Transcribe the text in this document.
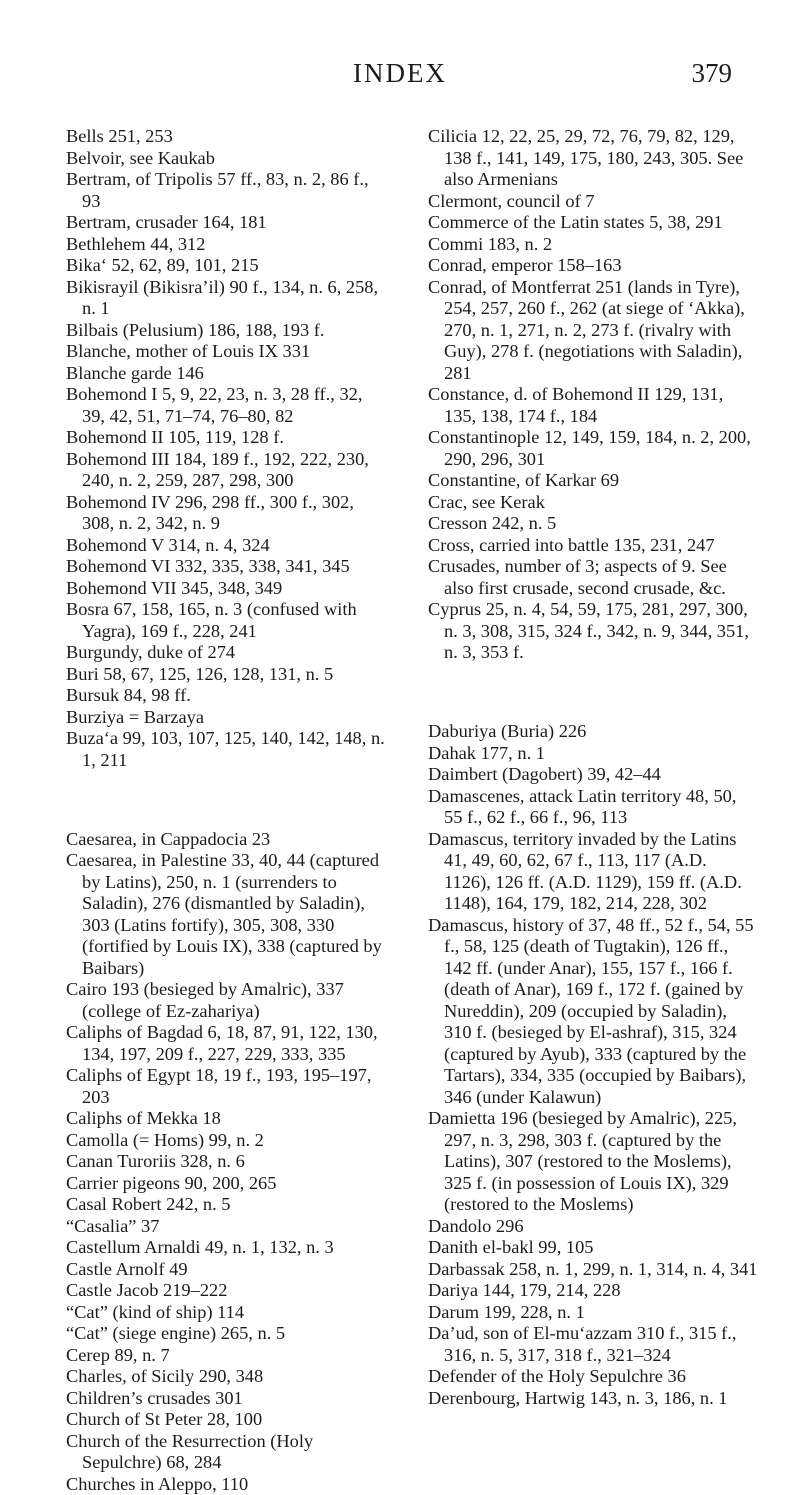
INDEX	379

Bells 251, 253

Belvoir, see Kaukab

Bertram, of Tripolis 57 ff., 83, n. 2, 86 f., 93

Bertram, crusader 164, 181

Bethlehem 44, 312

Bika‘ 52, 62, 89, 101, 215

Bikisrayil (Bikisra’il) 90 f., 134, n. 6, 258, n. 1

Bilbais (Pelusium) 186, 188, 193 f.

Blanche, mother of Louis IX 331

Blanche garde 146

Bohemond I 5, 9, 22, 23, n. 3, 28 ff., 32, 39, 42, 51, 71–74, 76–80, 82

Bohemond II 105, 119, 128 f.

Bohemond III 184, 189 f., 192, 222, 230, 240, n. 2, 259, 287, 298, 300

Bohemond IV 296, 298 ff., 300 f., 302, 308, n. 2, 342, n. 9

Bohemond V 314, n. 4, 324

Bohemond VI 332, 335, 338, 341, 345

Bohemond VII 345, 348, 349

Bosra 67, 158, 165, n. 3 (confused with Yagra), 169 f., 228, 241

Burgundy, duke of 274

Buri 58, 67, 125, 126, 128, 131, n. 5

Bursuk 84, 98 ff.

Burziya = Barzaya

Buza‘a 99, 103, 107, 125, 140, 142, 148, n. 1, 211

Caesarea, in Cappadocia 23

Caesarea, in Palestine 33, 40, 44 (captured by Latins), 250, n. 1 (surrenders to Saladin), 276 (dismantled by Saladin), 303 (Latins fortify), 305, 308, 330 (fortified by Louis IX), 338 (captured by Baibars)

Cairo 193 (besieged by Amalric), 337 (college of Ez-zahariya)

Caliphs of Bagdad 6, 18, 87, 91, 122, 130, 134, 197, 209 f., 227, 229, 333, 335

Caliphs of Egypt 18, 19 f., 193, 195–197, 203

Caliphs of Mekka 18

Camolla (= Homs) 99, n. 2

Canan Turoriis 328, n. 6

Carrier pigeons 90, 200, 265

Casal Robert 242, n. 5

“Casalia” 37

Castellum Arnaldi 49, n. 1, 132, n. 3

Castle Arnolf 49

Castle Jacob 219–222

“Cat” (kind of ship) 114

“Cat” (siege engine) 265, n. 5

Cerep 89, n. 7

Charles, of Sicily 290, 348

Children’s crusades 301

Church of St Peter 28, 100

Church of the Resurrection (Holy Sepulchre) 68, 284

Churches in Aleppo, 110

Cilicia 12, 22, 25, 29, 72, 76, 79, 82, 129, 138 f., 141, 149, 175, 180, 243, 305. See also Armenians

Clermont, council of 7

Commerce of the Latin states 5, 38, 291

Commi 183, n. 2

Conrad, emperor 158–163

Conrad, of Montferrat 251 (lands in Tyre), 254, 257, 260 f., 262 (at siege of ‘Akka), 270, n. 1, 271, n. 2, 273 f. (rivalry with Guy), 278 f. (negotiations with Saladin), 281

Constance, d. of Bohemond II 129, 131, 135, 138, 174 f., 184

Constantinople 12, 149, 159, 184, n. 2, 200, 290, 296, 301

Constantine, of Karkar 69

Crac, see Kerak

Cresson 242, n. 5

Cross, carried into battle 135, 231, 247

Crusades, number of 3; aspects of 9. See also first crusade, second crusade, &c.

Cyprus 25, n. 4, 54, 59, 175, 281, 297, 300, n. 3, 308, 315, 324 f., 342, n. 9, 344, 351, n. 3, 353 f.

Daburiya (Buria) 226

Dahak 177, n. 1

Daimbert (Dagobert) 39, 42–44

Damascenes, attack Latin territory 48, 50, 55 f., 62 f., 66 f., 96, 113

Damascus, territory invaded by the Latins 41, 49, 60, 62, 67 f., 113, 117 (A.D. 1126), 126 ff. (A.D. 1129), 159 ff. (A.D. 1148), 164, 179, 182, 214, 228, 302

Damascus, history of 37, 48 ff., 52 f., 54, 55 f., 58, 125 (death of Tugtakin), 126 ff., 142 ff. (under Anar), 155, 157 f., 166 f. (death of Anar), 169 f., 172 f. (gained by Nureddin), 209 (occupied by Saladin), 310 f. (besieged by El-ashraf), 315, 324 (captured by Ayub), 333 (captured by the Tartars), 334, 335 (occupied by Baibars), 346 (under Kalawun)

Damietta 196 (besieged by Amalric), 225, 297, n. 3, 298, 303 f. (captured by the Latins), 307 (restored to the Moslems), 325 f. (in possession of Louis IX), 329 (restored to the Moslems)

Dandolo 296

Danith el-bakl 99, 105

Darbassak 258, n. 1, 299, n. 1, 314, n. 4, 341

Dariya 144, 179, 214, 228

Darum 199, 228, n. 1

Da’ud, son of El-mu‘azzam 310 f., 315 f., 316, n. 5, 317, 318 f., 321–324

Defender of the Holy Sepulchre 36

Derenbourg, Hartwig 143, n. 3, 186, n. 1
